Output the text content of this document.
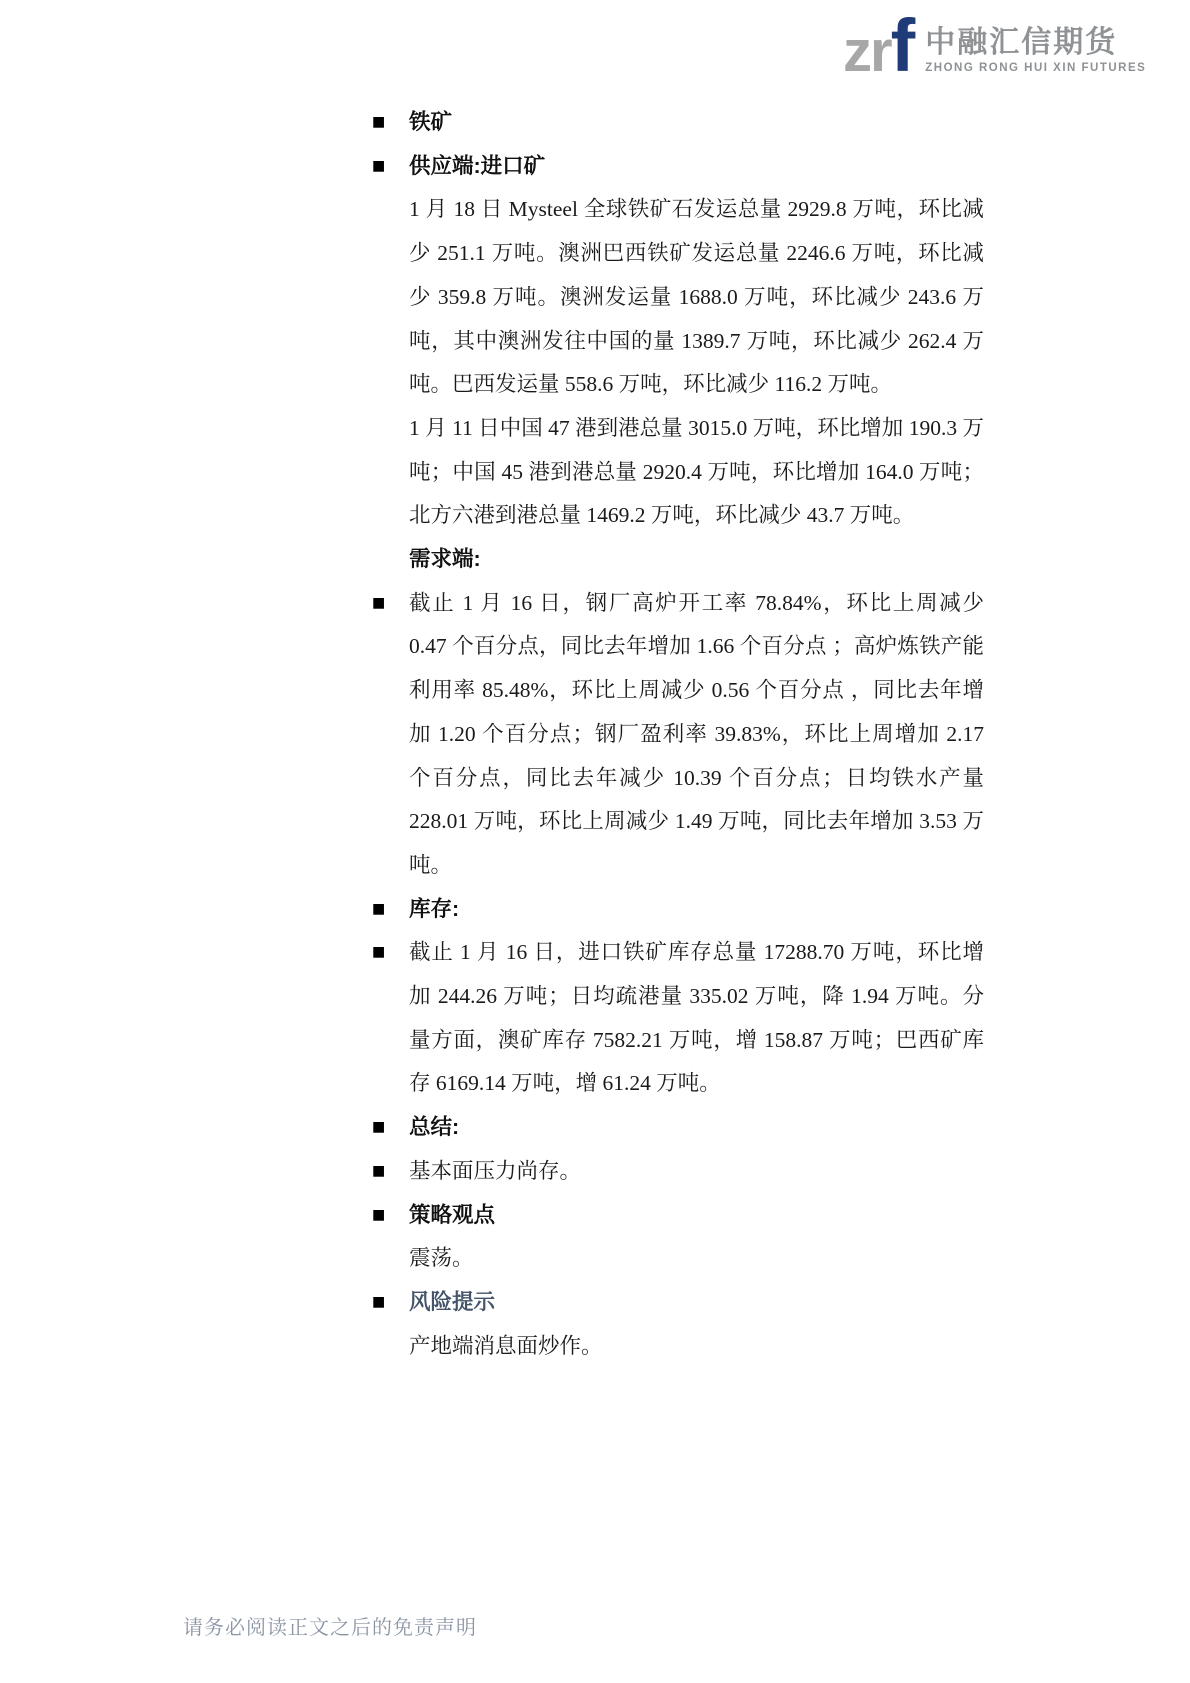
zrf 中融汇信期货
ZHONG RONG HUI XIN FUTURES
■	铁矿
■	供应端:进口矿
1 月 18 日 Mysteel 全球铁矿石发运总量 2929.8 万吨，环比减少 251.1 万吨。澳洲巴西铁矿发运总量 2246.6 万吨，环比减少 359.8 万吨。澳洲发运量 1688.0 万吨，环比减少 243.6 万吨，其中澳洲发往中国的量 1389.7 万吨，环比减少 262.4 万吨。巴西发运量 558.6 万吨，环比减少 116.2 万吨。
1 月 11 日中国 47 港到港总量 3015.0 万吨，环比增加 190.3 万吨；中国 45 港到港总量 2920.4 万吨，环比增加 164.0 万吨；北方六港到港总量 1469.2 万吨，环比减少 43.7 万吨。
需求端:
■	截止 1 月 16 日，钢厂高炉开工率 78.84%，环比上周减少 0.47 个百分点，同比去年增加 1.66 个百分点 ；高炉炼铁产能利用率 85.48%，环比上周减少 0.56 个百分点 ，同比去年增加 1.20 个百分点；钢厂盈利率 39.83%，环比上周增加 2.17 个百分点，同比去年减少 10.39 个百分点；日均铁水产量 228.01 万吨，环比上周减少 1.49 万吨，同比去年增加 3.53 万吨。
■	库存:
■	截止 1 月 16 日，进口铁矿库存总量 17288.70 万吨，环比增加 244.26 万吨；日均疏港量 335.02 万吨，降 1.94 万吨。分量方面，澳矿库存 7582.21 万吨，增 158.87 万吨；巴西矿库存 6169.14 万吨，增 61.24 万吨。
■	总结:
■	基本面压力尚存。
■	策略观点
震荡。
■	风险提示
产地端消息面炒作。
请务必阅读正文之后的免责声明
